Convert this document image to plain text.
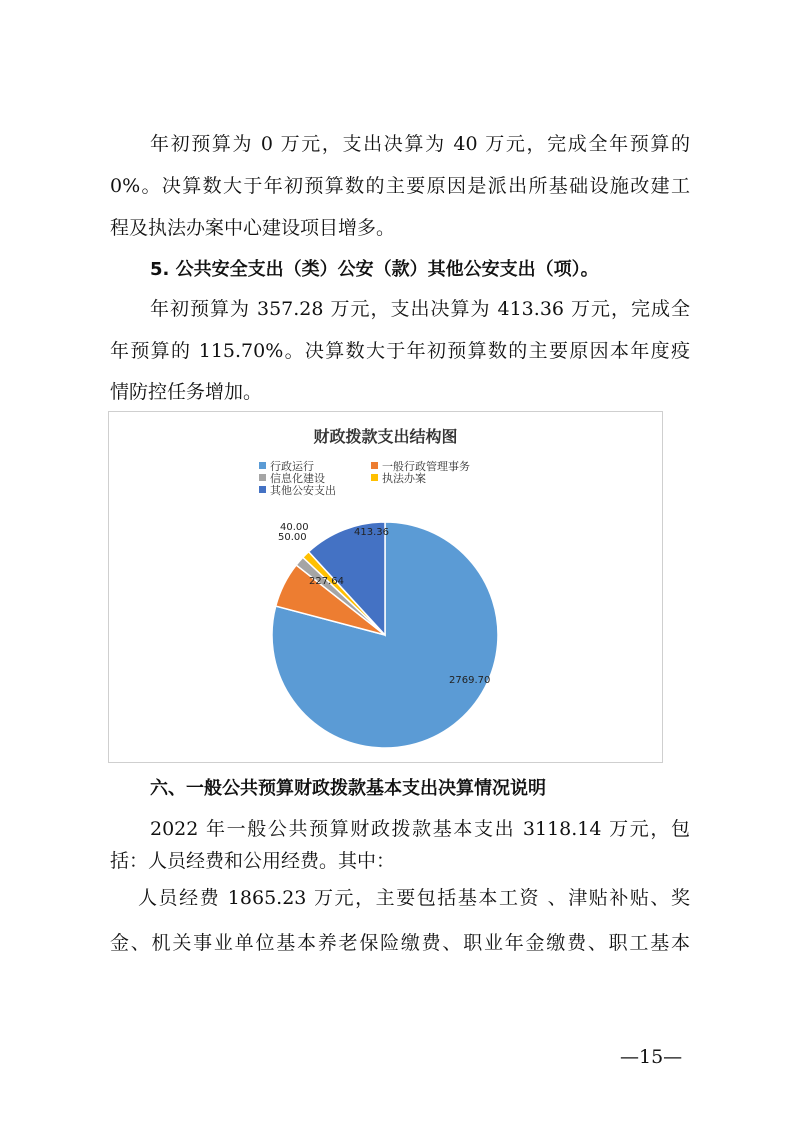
年初预算为 0 万元，支出决算为 40 万元，完成全年预算的
0%。决算数大于年初预算数的主要原因是派出所基础设施改建工
程及执法办案中心建设项目增多。
5. 公共安全支出（类）公安（款）其他公安支出（项）。
年初预算为 357.28 万元，支出决算为 413.36 万元，完成全
年预算的 115.70%。决算数大于年初预算数的主要原因本年度疫
情防控任务增加。
财政拨款支出结构图
行政运行	一般行政管理事务
信息化建设	执法办案
其他公安支出
2769.70
227.64
50.00
40.00	413.36
六、一般公共预算财政拨款基本支出决算情况说明
2022 年一般公共预算财政拨款基本支出 3118.14 万元，包
括：人员经费和公用经费。其中：
人员经费 1865.23 万元，主要包括基本工资 、津贴补贴、奖
金、机关事业单位基本养老保险缴费、职业年金缴费、职工基本
—15—
